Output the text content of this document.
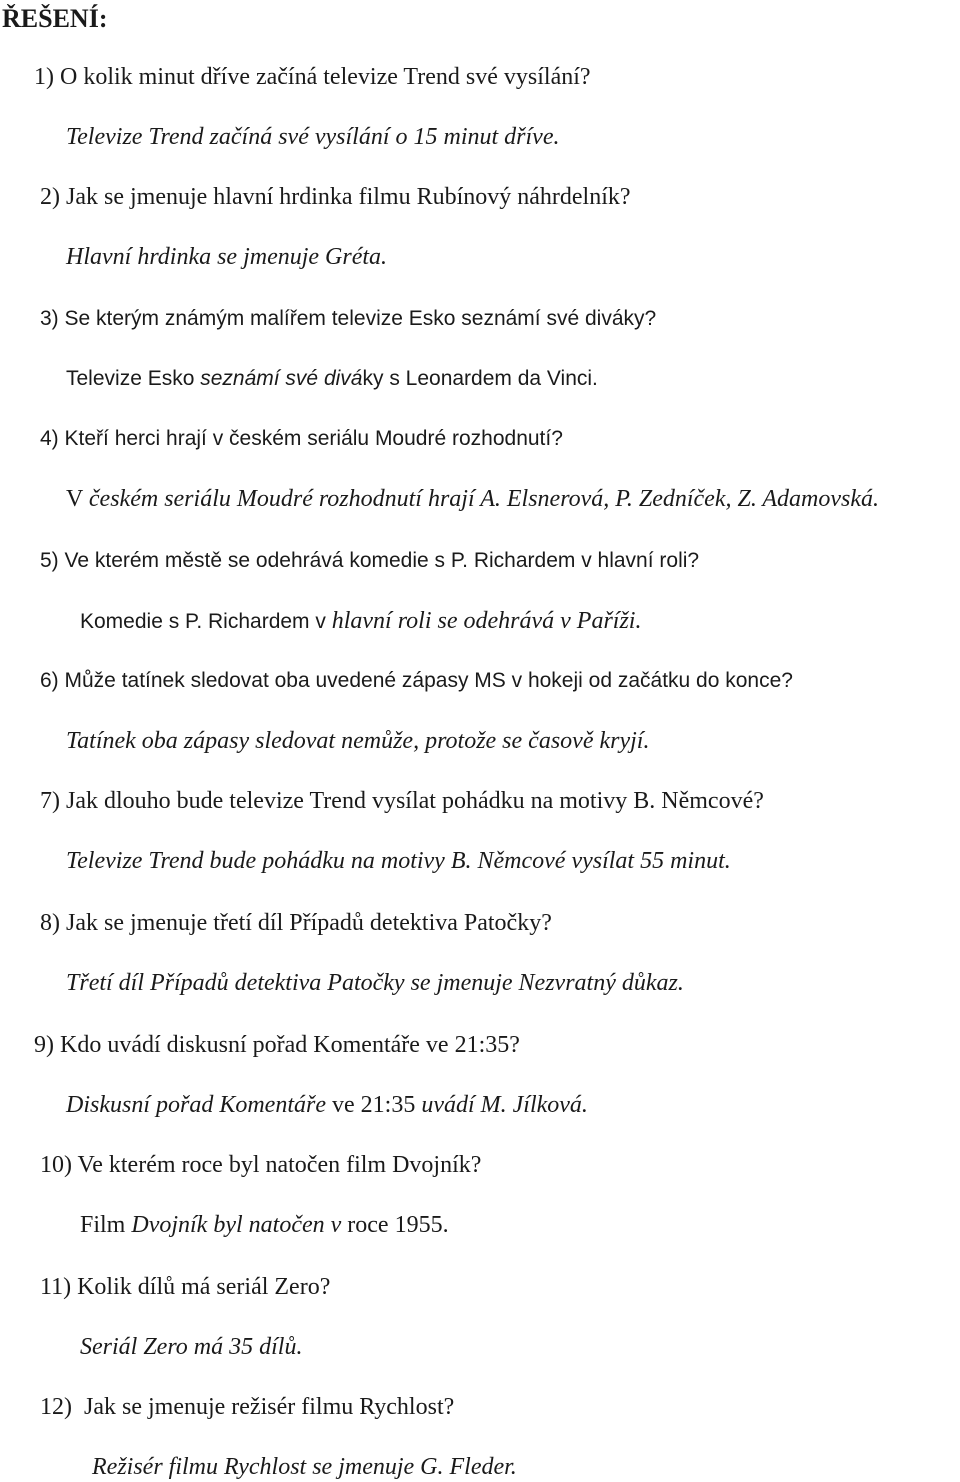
ŘEŠENÍ:

1) O kolik minut dříve začíná televize Trend své vysílání?

Televize Trend začíná své vysílání o 15 minut dříve.

2) Jak se jmenuje hlavní hrdinka filmu Rubínový náhrdelník?

Hlavní hrdinka se jmenuje Gréta.

3) Se kterým známým malířem televize Esko seznámí své diváky?

Televize Esko seznámí své diváky s Leonardem da Vinci.

4) Kteří herci hrají v českém seriálu Moudré rozhodnutí?

V českém seriálu Moudré rozhodnutí hrají A. Elsnerová, P. Zedníček, Z. Adamovská.

5) Ve kterém městě se odehrává komedie s P. Richardem v hlavní roli?

Komedie s P. Richardem v hlavní roli se odehrává v Paříži.

6) Může tatínek sledovat oba uvedené zápasy MS v hokeji od začátku do konce?

Tatínek oba zápasy sledovat nemůže, protože se časově kryjí.

7) Jak dlouho bude televize Trend vysílat pohádku na motivy B. Němcové?

Televize Trend bude pohádku na motivy B. Němcové vysílat 55 minut.

8) Jak se jmenuje třetí díl Případů detektiva Patočky?

Třetí díl Případů detektiva Patočky se jmenuje Nezvratný důkaz.

9) Kdo uvádí diskusní pořad Komentáře ve 21:35?

Diskusní pořad Komentáře ve 21:35 uvádí M. Jílková.

10) Ve kterém roce byl natočen film Dvojník?

Film Dvojník byl natočen v roce 1955.

11) Kolik dílů má seriál Zero?

Seriál Zero má 35 dílů.

12)  Jak se jmenuje režisér filmu Rychlost?

Režisér filmu Rychlost se jmenuje G. Fleder.
